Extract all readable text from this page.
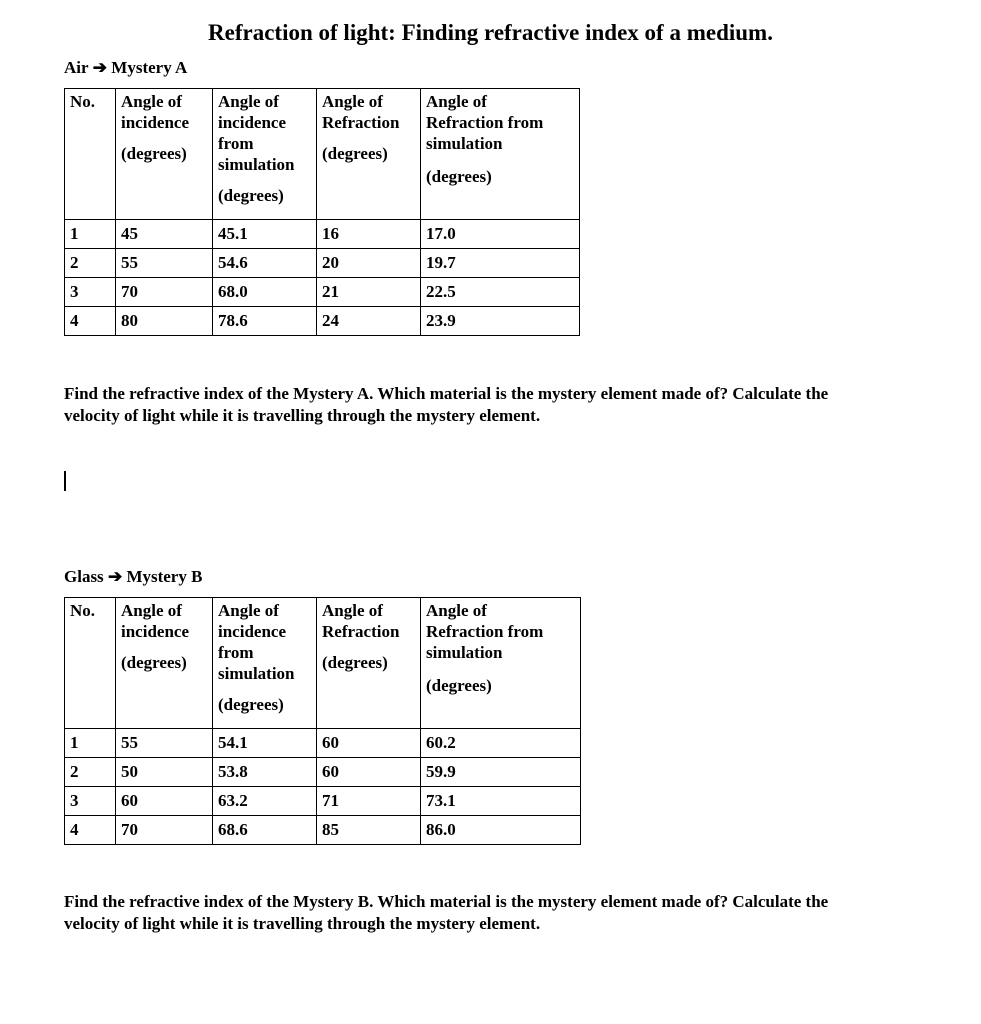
Refraction of light: Finding refractive index of a medium.
Air ➔ Mystery A
No.	Angle of
incidence
(degrees)	Angle of
incidence
from
simulation
(degrees)	Angle of
Refraction
(degrees)	Angle of
Refraction from
simulation
(degrees)

1	45	45.1	16	17.0
2	55	54.6	20	19.7
3	70	68.0	21	22.5
4	80	78.6	24	23.9
Find the refractive index of the Mystery A. Which material is the mystery element made of? Calculate the
velocity of light while it is travelling through the mystery element.
Glass ➔ Mystery B
No.	Angle of
incidence
(degrees)	Angle of
incidence
from
simulation
(degrees)	Angle of
Refraction
(degrees)	Angle of
Refraction from
simulation
(degrees)

1	55	54.1	60	60.2
2	50	53.8	60	59.9
3	60	63.2	71	73.1
4	70	68.6	85	86.0
Find the refractive index of the Mystery B. Which material is the mystery element made of? Calculate the
velocity of light while it is travelling through the mystery element.
